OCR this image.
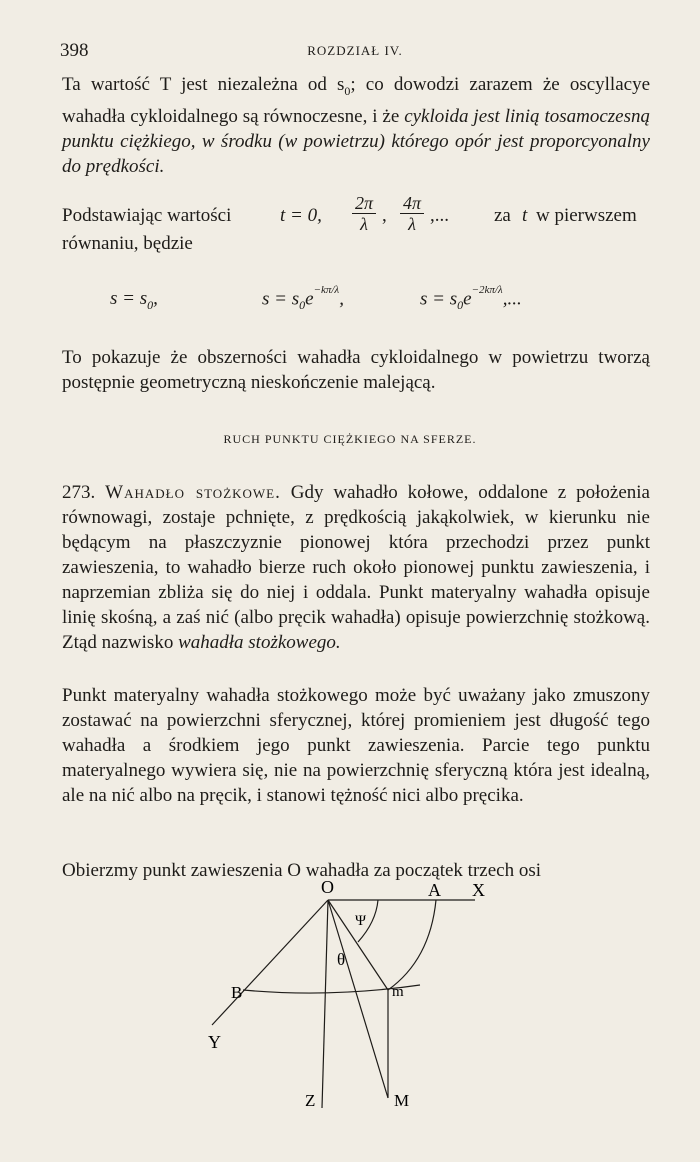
398	ROZDZIAŁ IV.
Ta wartość T jest niezależna od $s_0$; co dowodzi zarazem że oscyllacye wahadła cykloidalnego są równoczesne, i że cykloida jest linią tosamoczesną punktu ciężkiego, w środku (w powietrzu) którego opór jest proporcyonalny do prędkości.
Podstawiając wartości	t = 0, $\frac{2\pi}{\lambda}$ , $\frac{4\pi}{\lambda}$ ,... za t w pierwszem
równaniu, będzie
$s = s_0$,	$s = s_0e^{-k\pi/\lambda}$,	$s = s_0e^{-2k\pi/\lambda}$,...
To pokazuje że obszerności wahadła cykloidalnego w powietrzu tworzą postępnie geometryczną nieskończenie malejącą.
RUCH PUNKTU CIĘŻKIEGO NA SFERZE.
273. Wahadło stożkowe. Gdy wahadło kołowe, oddalone z położenia równowagi, zostaje pchnięte, z prędkością jakąkolwiek, w kierunku nie będącym na płaszczyznie pionowej która przechodzi przez punkt zawieszenia, to wahadło bierze ruch około pionowej punktu zawieszenia, i naprzemian zbliża się do niej i oddala. Punkt materyalny wahadła opisuje linię skośną, a zaś nić (albo pręcik wahadła) opisuje powierzchnię stożkową. Ztąd nazwisko wahadła stożkowego.
Punkt materyalny wahadła stożkowego może być uważany jako zmuszony zostawać na powierzchni sferycznej, której promieniem jest długość tego wahadła a środkiem jego punkt zawieszenia. Parcie tego punktu materyalnego wywiera się, nie na powierzchnię sferyczną która jest idealną, ale na nić albo na pręcik, i stanowi tężność nici albo pręcika.
Obierzmy punkt zawieszenia O wahadła za początek trzech osi
O	A X
Ψ
θ
m
B
Y
Z	M
